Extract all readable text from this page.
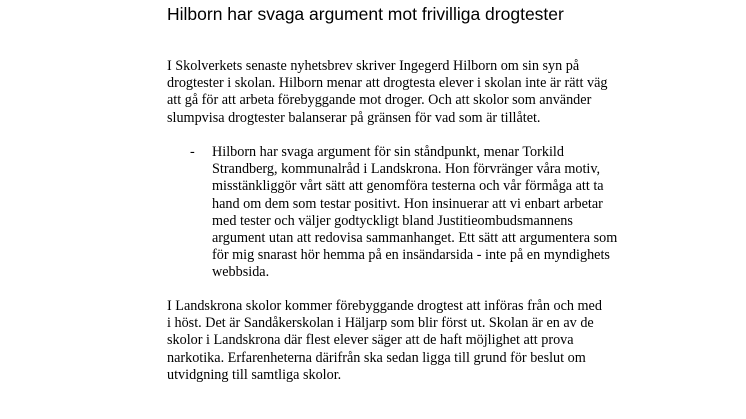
Hilborn har svaga argument mot frivilliga drogtester
I Skolverkets senaste nyhetsbrev skriver Ingegerd Hilborn om sin syn på
drogtester i skolan. Hilborn menar att drogtesta elever i skolan inte är rätt väg
att gå för att arbeta förebyggande mot droger. Och att skolor som använder
slumpvisa drogtester balanserar på gränsen för vad som är tillåtet.
- Hilborn har svaga argument för sin ståndpunkt, menar Torkild
Strandberg, kommunalråd i Landskrona. Hon förvränger våra motiv,
misstänkliggör vårt sätt att genomföra testerna och vår förmåga att ta
hand om dem som testar positivt. Hon insinuerar att vi enbart arbetar
med tester och väljer godtyckligt bland Justitieombudsmannens
argument utan att redovisa sammanhanget. Ett sätt att argumentera som
för mig snarast hör hemma på en insändarsida - inte på en myndighets
webbsida.
I Landskrona skolor kommer förebyggande drogtest att införas från och med
i höst. Det är Sandåkerskolan i Häljarp som blir först ut. Skolan är en av de
skolor i Landskrona där flest elever säger att de haft möjlighet att prova
narkotika. Erfarenheterna därifrån ska sedan ligga till grund för beslut om
utvidgning till samtliga skolor.
